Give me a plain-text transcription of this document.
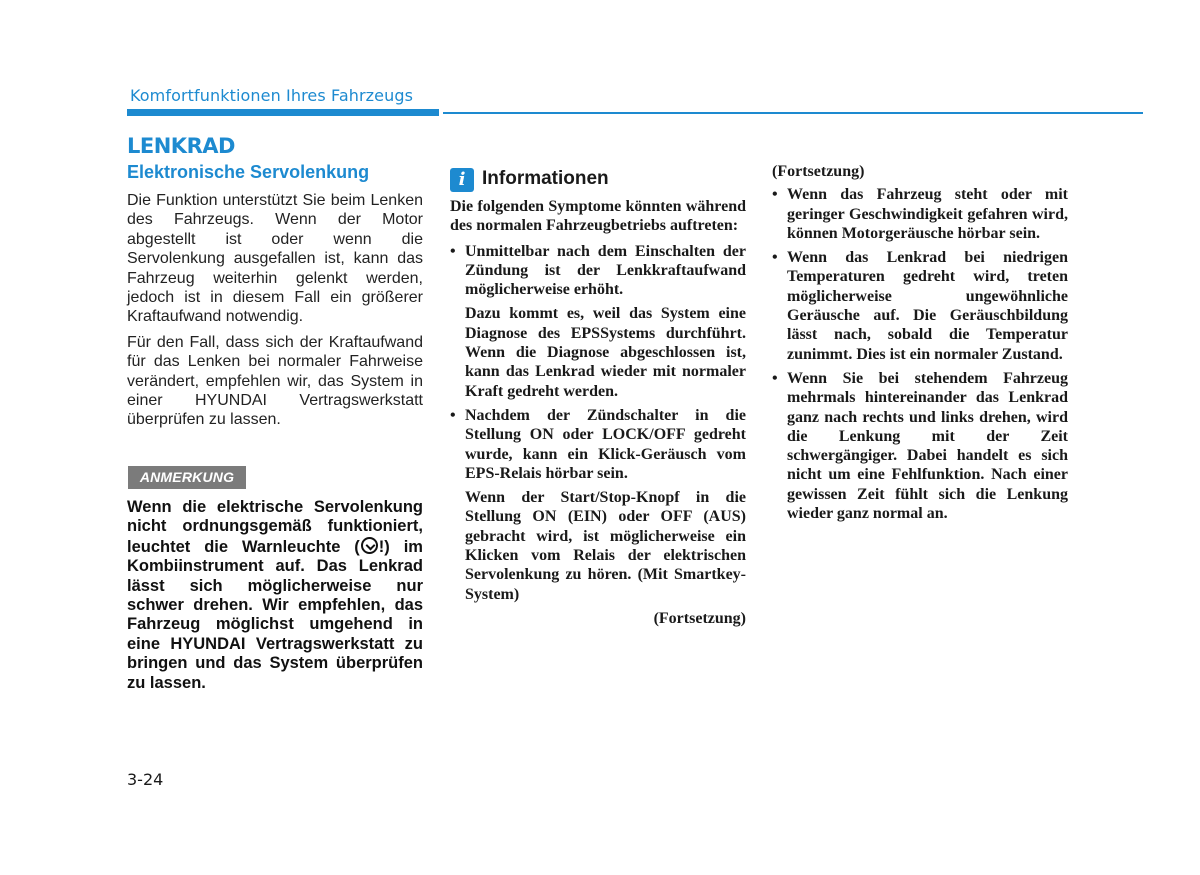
Komfortfunktionen Ihres Fahrzeugs
LENKRAD
Elektronische Servolenkung

Die Funktion unterstützt Sie beim Lenken des Fahrzeugs. Wenn der Motor abgestellt ist oder wenn die Servolenkung ausgefallen ist, kann das Fahrzeug weiterhin gelenkt werden, jedoch ist in diesem Fall ein größerer Kraftaufwand notwendig.

Für den Fall, dass sich der Kraftaufwand für das Lenken bei normaler Fahrweise verändert, empfehlen wir, das System in einer HYUNDAI Vertragswerkstatt überprüfen zu lassen.

ANMERKUNG

Wenn die elektrische Servolenkung nicht ordnungsgemäß funktioniert, leuchtet die Warnleuchte ( !) im Kombiinstrument auf. Das Lenkrad lässt sich möglicherweise nur schwer drehen. Wir empfehlen, das Fahrzeug möglichst umgehend in eine HYUNDAI Vertragswerkstatt zu bringen und das System überprüfen zu lassen.

i Informationen

Die folgenden Symptome könnten während des normalen Fahrzeugbetriebs auftreten:

• Unmittelbar nach dem Einschalten der Zündung ist der Lenkkraftaufwand möglicherweise erhöht.
Dazu kommt es, weil das System eine Diagnose des EPSSystems durchführt. Wenn die Diagnose abgeschlossen ist, kann das Lenkrad wieder mit normaler Kraft gedreht werden.
• Nachdem der Zündschalter in die Stellung ON oder LOCK/OFF gedreht wurde, kann ein Klick-Geräusch vom EPS-Relais hörbar sein.
Wenn der Start/Stop-Knopf in die Stellung ON (EIN) oder OFF (AUS) gebracht wird, ist möglicherweise ein Klicken vom Relais der elektrischen Servolenkung zu hören. (Mit Smartkey-System)

(Fortsetzung)

(Fortsetzung)

• Wenn das Fahrzeug steht oder mit geringer Geschwindigkeit gefahren wird, können Motorgeräusche hörbar sein.
• Wenn das Lenkrad bei niedrigen Temperaturen gedreht wird, treten möglicherweise ungewöhnliche Geräusche auf. Die Geräuschbildung lässt nach, sobald die Temperatur zunimmt. Dies ist ein normaler Zustand.
• Wenn Sie bei stehendem Fahrzeug mehrmals hintereinander das Lenkrad ganz nach rechts und links drehen, wird die Lenkung mit der Zeit schwergängiger. Dabei handelt es sich nicht um eine Fehlfunktion. Nach einer gewissen Zeit fühlt sich die Lenkung wieder ganz normal an.
3-24
